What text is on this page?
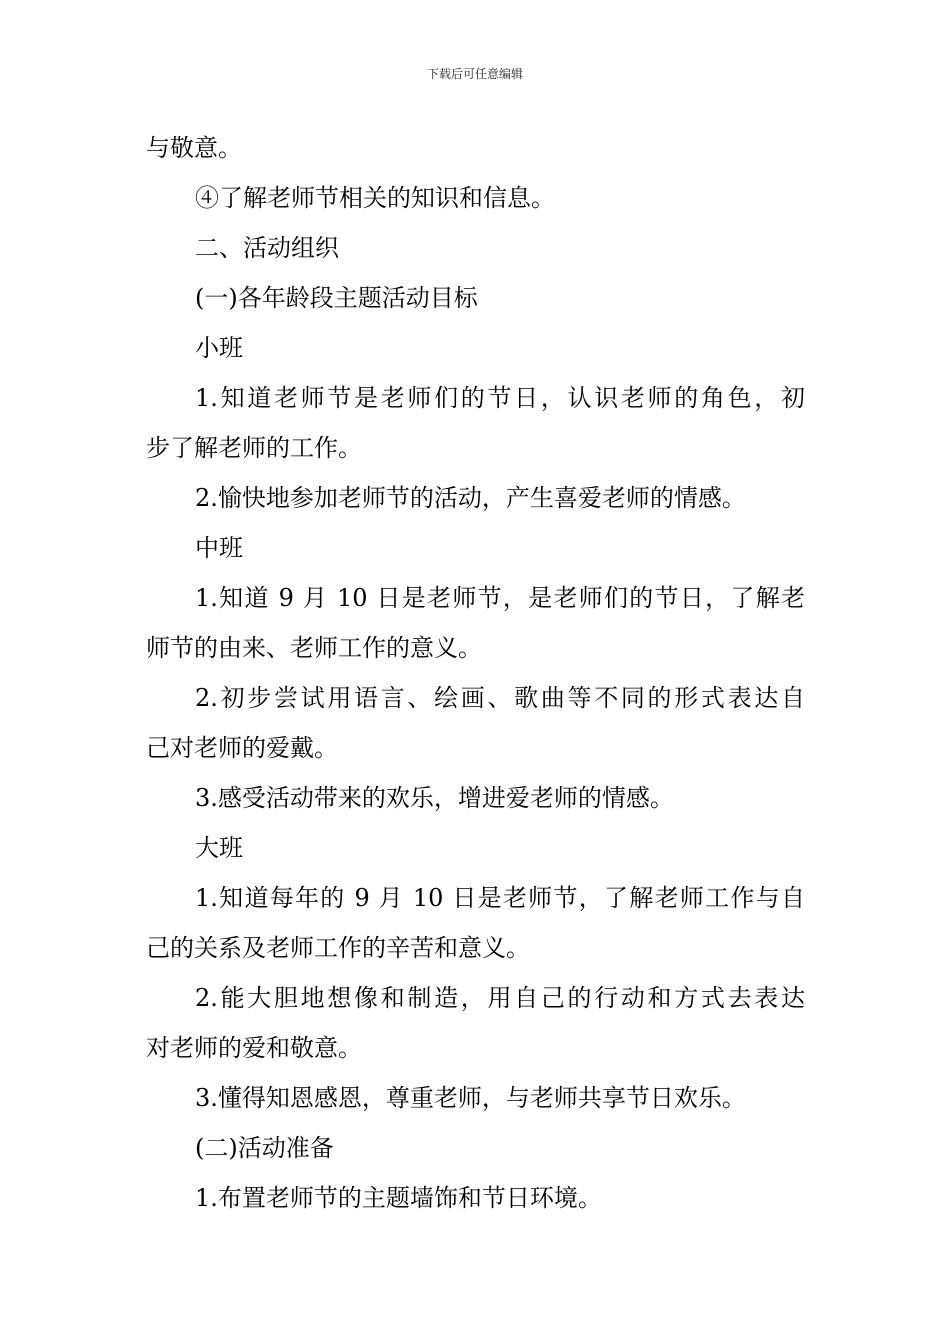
下载后可任意编辑
与敬意。
④了解老师节相关的知识和信息。
二、活动组织
(一)各年龄段主题活动目标
小班
1.知道老师节是老师们的节日，认识老师的角色，初
步了解老师的工作。
2.愉快地参加老师节的活动，产生喜爱老师的情感。
中班
1.知道 9 月 10 日是老师节，是老师们的节日，了解老
师节的由来、老师工作的意义。
2.初步尝试用语言、绘画、歌曲等不同的形式表达自
己对老师的爱戴。
3.感受活动带来的欢乐，增进爱老师的情感。
大班
1.知道每年的 9 月 10 日是老师节，了解老师工作与自
己的关系及老师工作的辛苦和意义。
2.能大胆地想像和制造，用自己的行动和方式去表达
对老师的爱和敬意。
3.懂得知恩感恩，尊重老师，与老师共享节日欢乐。
(二)活动准备
1.布置老师节的主题墙饰和节日环境。
